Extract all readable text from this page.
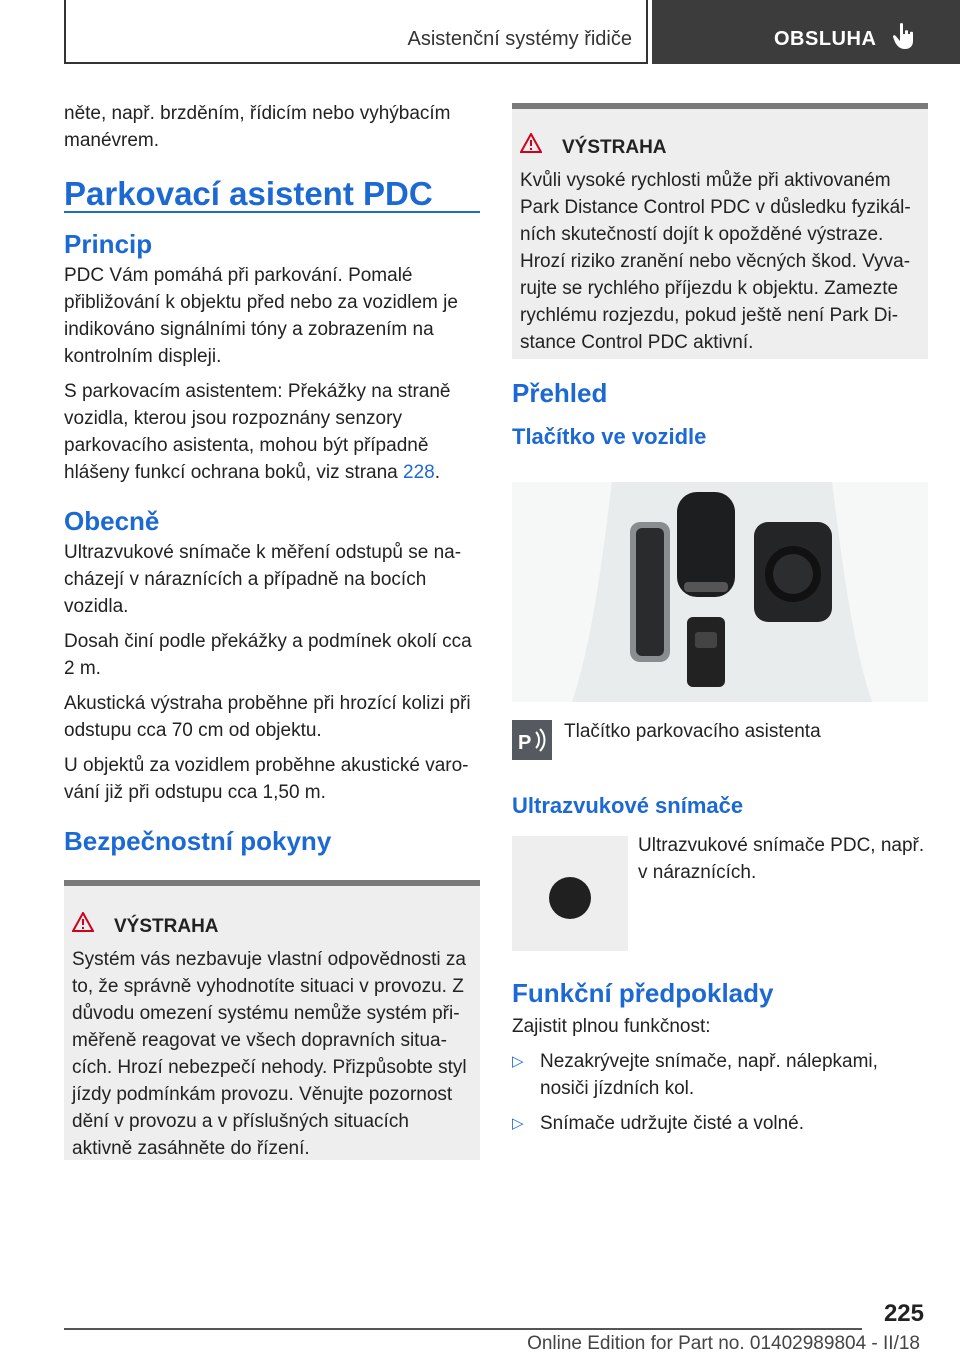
Asistenční systémy řidiče	OBSLUHA

něte, např. brzděním, řídicím nebo vyhýbacím manévrem.

Parkovací asistent PDC
Princip

PDC Vám pomáhá při parkování. Pomalé přibližování k objektu před nebo za vozidlem je indikováno signálními tóny a zobrazením na kontrolním displeji.

S parkovacím asistentem: Překážky na straně vozidla, kterou jsou rozpoznány senzory parkovacího asistenta, mohou být případně hlášeny funkcí ochrana boků, viz strana 228.

Obecně

Ultrazvukové snímače k měření odstupů se nacházejí v náraznících a případně na bocích vozidla.

Dosah činí podle překážky a podmínek okolí cca 2 m.

Akustická výstraha proběhne při hrozící kolizi při odstupu cca 70 cm od objektu.

U objektů za vozidlem proběhne akustické varování již při odstupu cca 1,50 m.

Bezpečnostní pokyny
VÝSTRAHA

Systém vás nezbavuje vlastní odpovědnosti za to, že správně vyhodnotíte situaci v provozu. Z důvodu omezení systému nemůže systém přiměřeně reagovat ve všech dopravních situacích. Hrozí nebezpečí nehody. Přizpůsobte styl jízdy podmínkám provozu. Věnujte pozornost dění v provozu a v příslušných situacích aktivně zasáhněte do řízení.

VÝSTRAHA

Kvůli vysoké rychlosti může při aktivovaném Park Distance Control PDC v důsledku fyzikálních skutečností dojít k opožděné výstraze. Hrozí riziko zranění nebo věcných škod. Vyvarujte se rychlého příjezdu k objektu. Zamezte rychlému rozjezdu, pokud ještě není Park Distance Control PDC aktivní.

Přehled
Tlačítko ve vozidle
P
Tlačítko parkovacího asistenta
Ultrazvukové snímače
Ultrazvukové snímače PDC, např. v náraznících.
Funkční předpoklady

Zajistit plnou funkčnost:

▷ Nezakrývejte snímače, např. nálepkami, nosiči jízdních kol.
▷ Snímače udržujte čisté a volné.
225
Online Edition for Part no. 01402989804 - II/18
